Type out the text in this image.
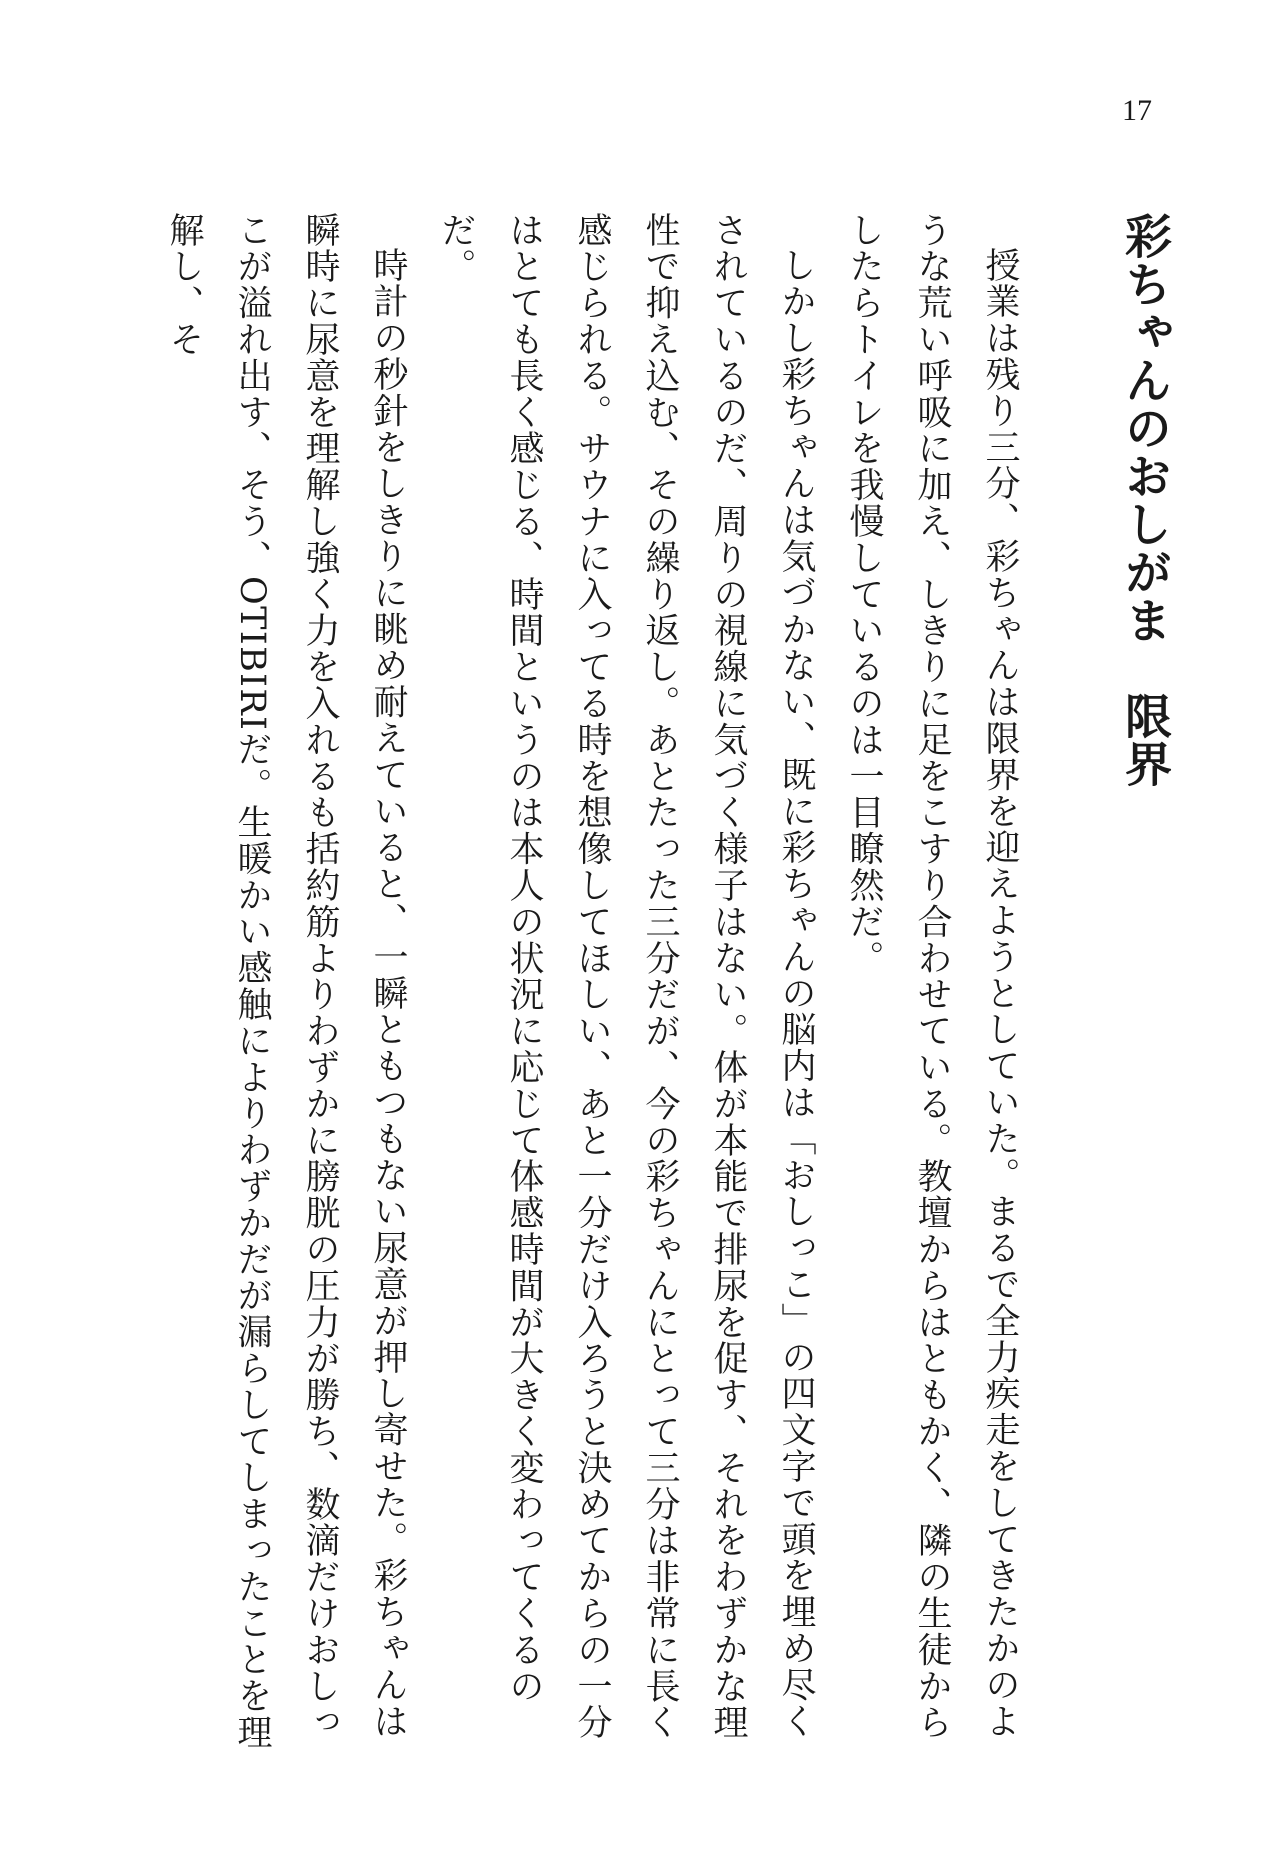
17
彩ちゃんのおしがま　限界

授業は残り三分、彩ちゃんは限界を迎えようとしていた。まるで全力疾走をしてきたかのような荒い呼吸に加え、しきりに足をこすり合わせている。教壇からはともかく、隣の生徒からしたらトイレを我慢しているのは一目瞭然だ。

しかし彩ちゃんは気づかない、既に彩ちゃんの脳内は「おしっこ」の四文字で頭を埋め尽くされているのだ、周りの視線に気づく様子はない。体が本能で排尿を促す、それをわずかな理性で抑え込む、その繰り返し。あとたった三分だが、今の彩ちゃんにとって三分は非常に長く感じられる。サウナに入ってる時を想像してほしい、あと一分だけ入ろうと決めてからの一分はとても長く感じる、時間というのは本人の状況に応じて体感時間が大きく変わってくるのだ。

時計の秒針をしきりに眺め耐えていると、一瞬ともつもない尿意が押し寄せた。彩ちゃんは瞬時に尿意を理解し強く力を入れるも括約筋よりわずかに膀胱の圧力が勝ち、数滴だけおしっこが溢れ出す、そう、OTIBIRIだ。生暖かい感触によりわずかだが漏らしてしまったことを理解し、そ
